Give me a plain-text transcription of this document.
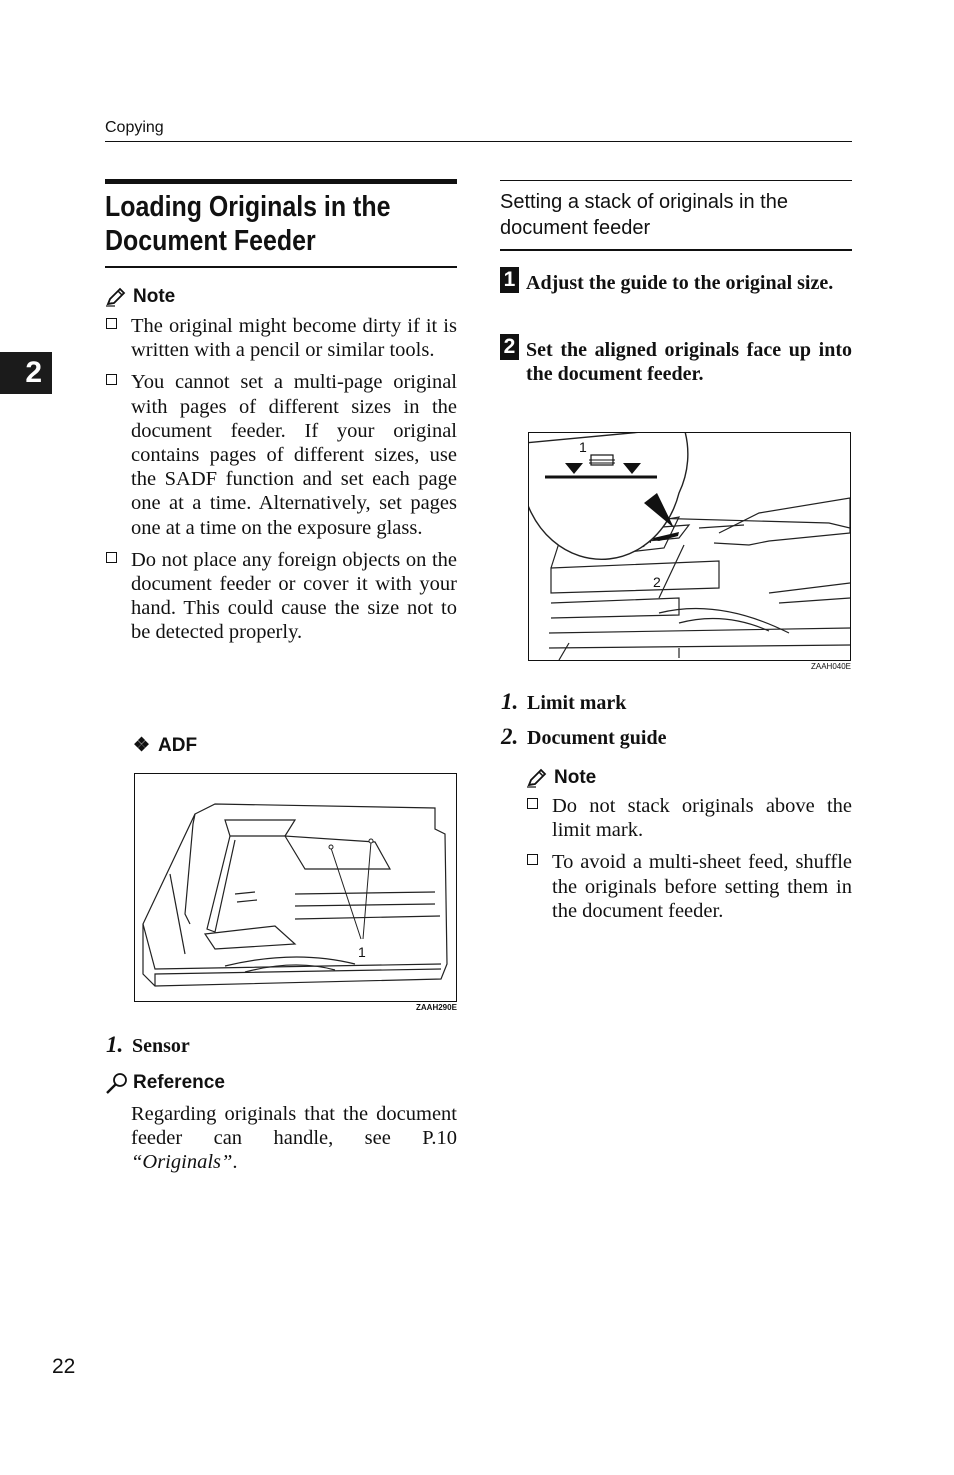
Copying
2
Loading Originals in the
Document Feeder
Note
The original might become dirty if it is written with a pencil or similar tools.
You cannot set a multi-page original with pages of different sizes in the document feeder. If your original contains pages of different sizes, use the SADF function and set each page one at a time. Alternatively, set pages one at a time on the exposure glass.
Do not place any foreign objects on the document feeder or cover it with your hand. This could cause the size not to be detected properly.
❖ ADF
1
ZAAH290E
1. Sensor
Reference
Regarding originals that the document feeder can handle, see P.10 “Originals”.
Setting a stack of originals in the document feeder
1 Adjust the guide to the original size.
2 Set the aligned originals face up into the document feeder.
1
2
ZAAH040E
1. Limit mark
2. Document guide
Note
Do not stack originals above the limit mark.
To avoid a multi-sheet feed, shuffle the originals before setting them in the document feeder.
22
